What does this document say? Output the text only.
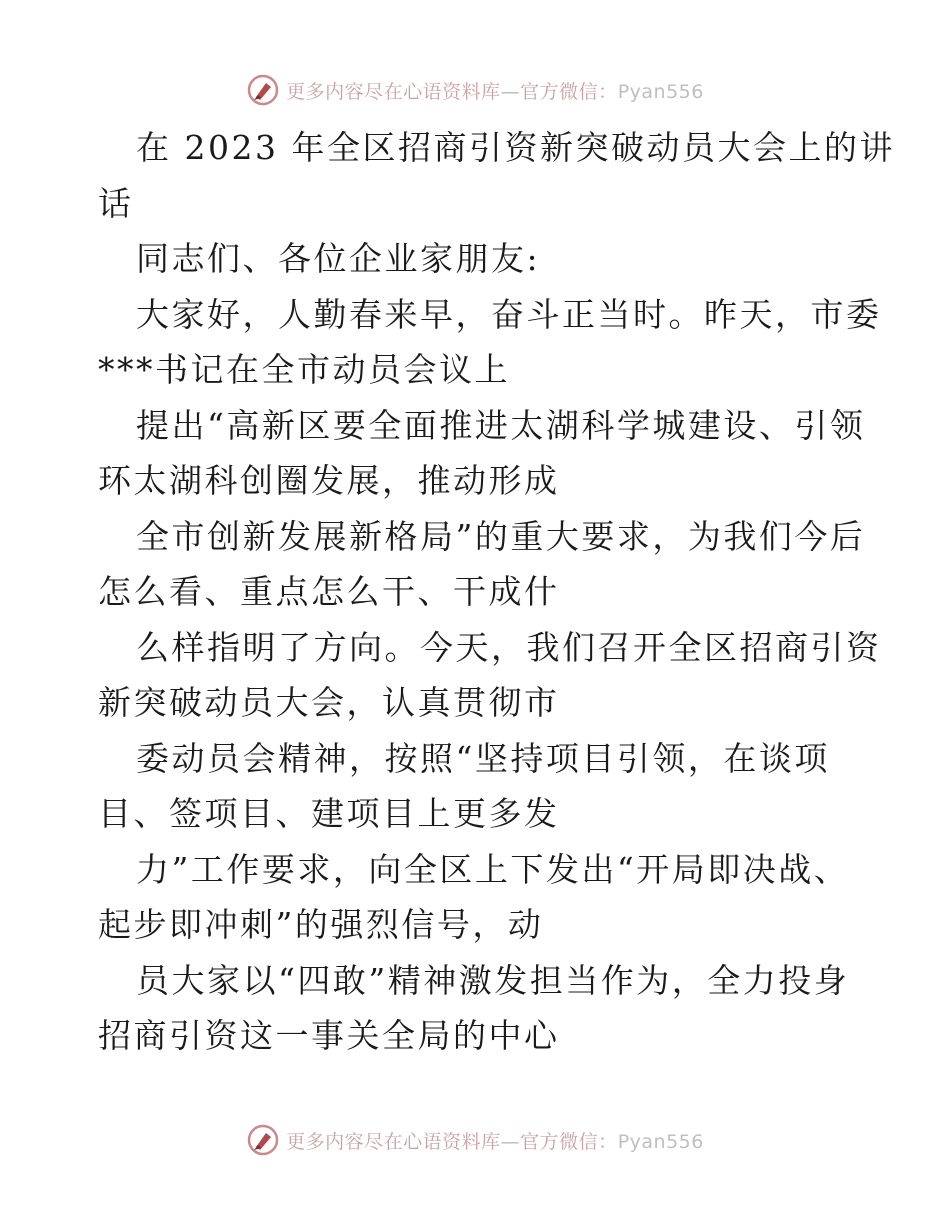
更多内容尽在心语资料库—官方微信：Pyan556
在 2023 年全区招商引资新突破动员大会上的讲
话
同志们、各位企业家朋友:
大家好，人勤春来早，奋斗正当时。昨天，市委
***书记在全市动员会议上
提出“高新区要全面推进太湖科学城建设、引领
环太湖科创圈发展，推动形成
全市创新发展新格局”的重大要求，为我们今后
怎么看、重点怎么干、干成什
么样指明了方向。今天，我们召开全区招商引资
新突破动员大会，认真贯彻市
委动员会精神，按照“坚持项目引领，在谈项
目、签项目、建项目上更多发
力”工作要求，向全区上下发出“开局即决战、
起步即冲刺”的强烈信号，动
员大家以“四敢”精神激发担当作为，全力投身
招商引资这一事关全局的中心
更多内容尽在心语资料库—官方微信：Pyan556
